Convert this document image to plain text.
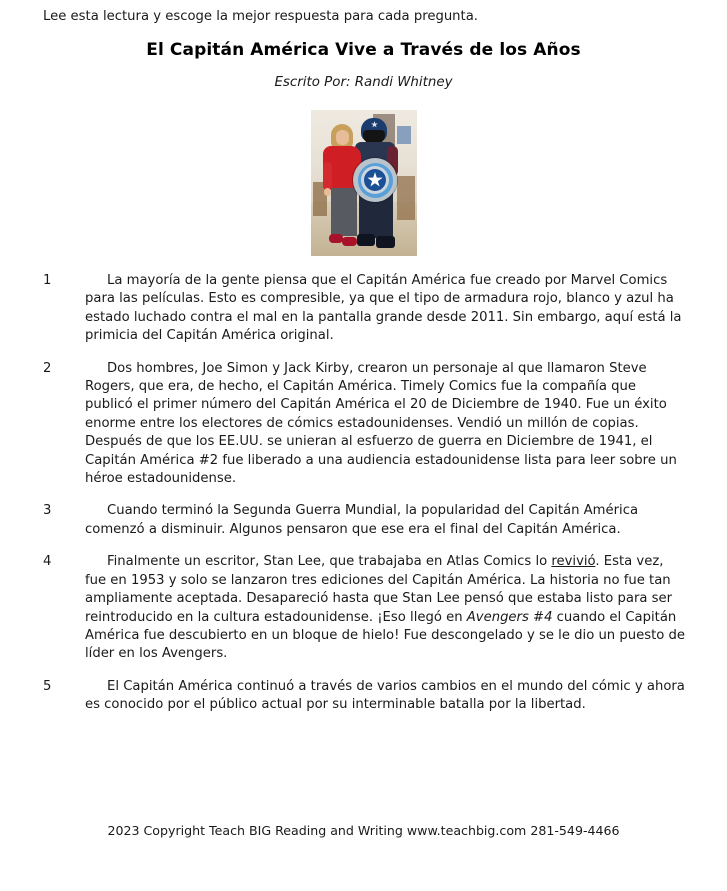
Lee esta lectura y escoge la mejor respuesta para cada pregunta.
El Capitán América Vive a Través de los Años
Escrito Por: Randi Whitney
1	La mayoría de la gente piensa que el Capitán América fue creado por Marvel Comics para las películas. Esto es compresible, ya que el tipo de armadura rojo, blanco y azul ha estado luchado contra el mal en la pantalla grande desde 2011. Sin embargo, aquí está la primicia del Capitán América original.
2	Dos hombres, Joe Simon y Jack Kirby, crearon un personaje al que llamaron Steve Rogers, que era, de hecho, el Capitán América. Timely Comics fue la compañía que publicó el primer número del Capitán América el 20 de Diciembre de 1940. Fue un éxito enorme entre los electores de cómics estadounidenses. Vendió un millón de copias. Después de que los EE.UU. se unieran al esfuerzo de guerra en Diciembre de 1941, el Capitán América #2 fue liberado a una audiencia estadounidense lista para leer sobre un héroe estadounidense.
3	Cuando terminó la Segunda Guerra Mundial, la popularidad del Capitán América comenzó a disminuir. Algunos pensaron que ese era el final del Capitán América.
4	Finalmente un escritor, Stan Lee, que trabajaba en Atlas Comics lo revivió. Esta vez, fue en 1953 y solo se lanzaron tres ediciones del Capitán América. La historia no fue tan ampliamente aceptada. Desapareció hasta que Stan Lee pensó que estaba listo para ser reintroducido en la cultura estadounidense. ¡Eso llegó en Avengers #4 cuando el Capitán América fue descubierto en un bloque de hielo! Fue descongelado y se le dio un puesto de líder en los Avengers.
5	El Capitán América continuó a través de varios cambios en el mundo del cómic y ahora es conocido por el público actual por su interminable batalla por la libertad.
2023 Copyright Teach BIG Reading and Writing www.teachbig.com 281-549-4466
